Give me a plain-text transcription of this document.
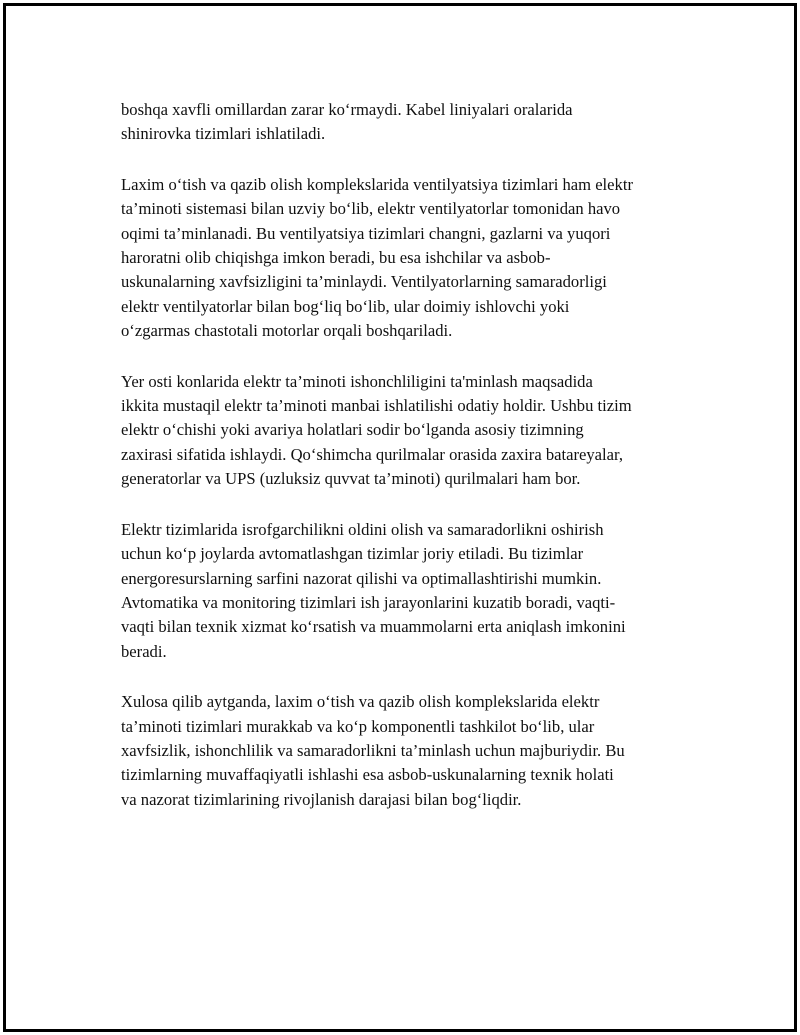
boshqa xavfli omillardan zarar ko‘rmaydi. Kabel liniyalari oralarida
shinirovka tizimlari ishlatiladi.

Laxim o‘tish va qazib olish komplekslarida ventilyatsiya tizimlari ham elektr
ta’minoti sistemasi bilan uzviy bo‘lib, elektr ventilyatorlar tomonidan havo
oqimi ta’minlanadi. Bu ventilyatsiya tizimlari changni, gazlarni va yuqori
haroratni olib chiqishga imkon beradi, bu esa ishchilar va asbob-
uskunalarning xavfsizligini ta’minlaydi. Ventilyatorlarning samaradorligi
elektr ventilyatorlar bilan bog‘liq bo‘lib, ular doimiy ishlovchi yoki
o‘zgarmas chastotali motorlar orqali boshqariladi.

Yer osti konlarida elektr ta’minoti ishonchliligini ta'minlash maqsadida
ikkita mustaqil elektr ta’minoti manbai ishlatilishi odatiy holdir. Ushbu tizim
elektr o‘chishi yoki avariya holatlari sodir bo‘lganda asosiy tizimning
zaxirasi sifatida ishlaydi. Qo‘shimcha qurilmalar orasida zaxira batareyalar,
generatorlar va UPS (uzluksiz quvvat ta’minoti) qurilmalari ham bor.

Elektr tizimlarida isrofgarchilikni oldini olish va samaradorlikni oshirish
uchun ko‘p joylarda avtomatlashgan tizimlar joriy etiladi. Bu tizimlar
energoresurslarning sarfini nazorat qilishi va optimallashtirishi mumkin.
Avtomatika va monitoring tizimlari ish jarayonlarini kuzatib boradi, vaqti-
vaqti bilan texnik xizmat ko‘rsatish va muammolarni erta aniqlash imkonini
beradi.

Xulosa qilib aytganda, laxim o‘tish va qazib olish komplekslarida elektr
ta’minoti tizimlari murakkab va ko‘p komponentli tashkilot bo‘lib, ular
xavfsizlik, ishonchlilik va samaradorlikni ta’minlash uchun majburiydir. Bu
tizimlarning muvaffaqiyatli ishlashi esa asbob-uskunalarning texnik holati
va nazorat tizimlarining rivojlanish darajasi bilan bog‘liqdir.
